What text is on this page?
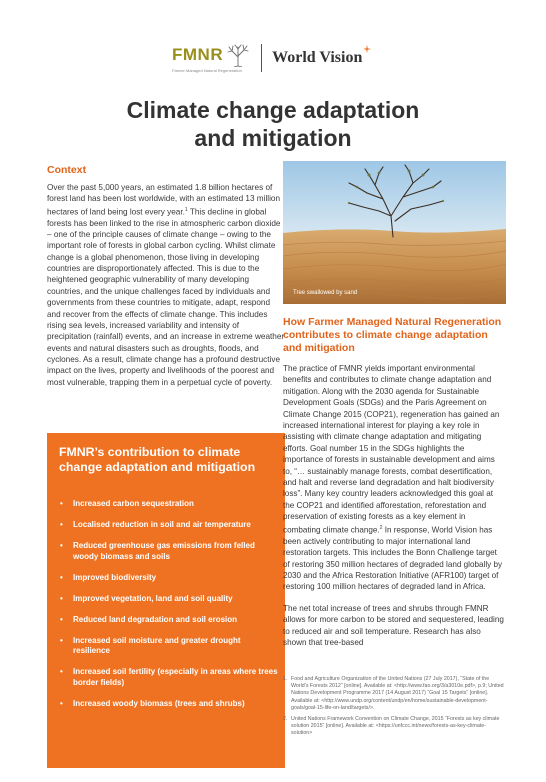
FMNR
Farmer Managed Natural Regeneration
World Vision
Climate change adaptation
and mitigation

Context

Over the past 5,000 years, an estimated 1.8 billion hectares of forest land has been lost worldwide, with an estimated 13 million hectares of land being lost every year.$^1$ This decline in global forests has been linked to the rise in atmospheric carbon dioxide – one of the principle causes of climate change – owing to the important role of forests in global carbon cycling. Whilst climate change is a global phenomenon, those living in developing countries are disproportionately affected. This is due to the heightened geographic vulnerability of many developing countries, and the unique challenges faced by individuals and governments from these countries to mitigate, adapt, respond and recover from the effects of climate change. This includes rising sea levels, increased variability and intensity of precipitation (rainfall) events, and an increase in extreme weather events and natural disasters such as droughts, floods, and cyclones. As a result, climate change has a profound destructive impact on the lives, property and livelihoods of the poorest and most vulnerable, trapping them in a perpetual cycle of poverty.

FMNR’s contribution to climate change adaptation and mitigation
• Increased carbon sequestration
• Localised reduction in soil and air temperature
• Reduced greenhouse gas emissions from felled woody biomass and soils
• Improved biodiversity
• Improved vegetation, land and soil quality
• Reduced land degradation and soil erosion
• Increased soil moisture and greater drought resilience
• Increased soil fertility (especially in areas where trees border fields)
• Increased woody biomass (trees and shrubs)
Tree swallowed by sand

How Farmer Managed Natural Regeneration contributes to climate change adaptation and mitigation

The practice of FMNR yields important environmental benefits and contributes to climate change adaptation and mitigation. Along with the 2030 agenda for Sustainable Development Goals (SDGs) and the Paris Agreement on Climate Change 2015 (COP21), regeneration has gained an increased international interest for playing a key role in assisting with climate change adaptation and mitigating efforts. Goal number 15 in the SDGs highlights the importance of forests in sustainable development and aims to, “… sustainably manage forests, combat desertification, and halt and reverse land degradation and halt biodiversity loss”. Many key country leaders acknowledged this goal at the COP21 and identified afforestation, reforestation and preservation of existing forests as a key element in combating climate change.$^2$ In response, World Vision has been actively contributing to major international land restoration targets. This includes the Bonn Challenge target of restoring 350 million hectares of degraded land globally by 2030 and the Africa Restoration Initiative (AFR100) target of restoring 100 million hectares of degraded land in Africa.

The net total increase of trees and shrubs through FMNR allows for more carbon to be stored and sequestered, leading to reduced air and soil temperature. Research has also shown that tree-based

1. Food and Agriculture Organization of the United Nations (27 July 2017), “State of the World’s Forests 2012” [online]. Available at: <http://www.fao.org/3/a3010e.pdf>, p.9; United Nations Development Programme 2017 (14 August 2017) “Goal 15 Targets” [online]. Available at: <http://www.undp.org/content/undp/en/home/sustainable-development-goals/goal-15-life-on-land/targets/>.
2. United Nations Framework Convention on Climate Change, 2015 “Forests as key climate solution 2015” [online]. Available at: <https://unfccc.int/news/forests-as-key-climate-solution>
